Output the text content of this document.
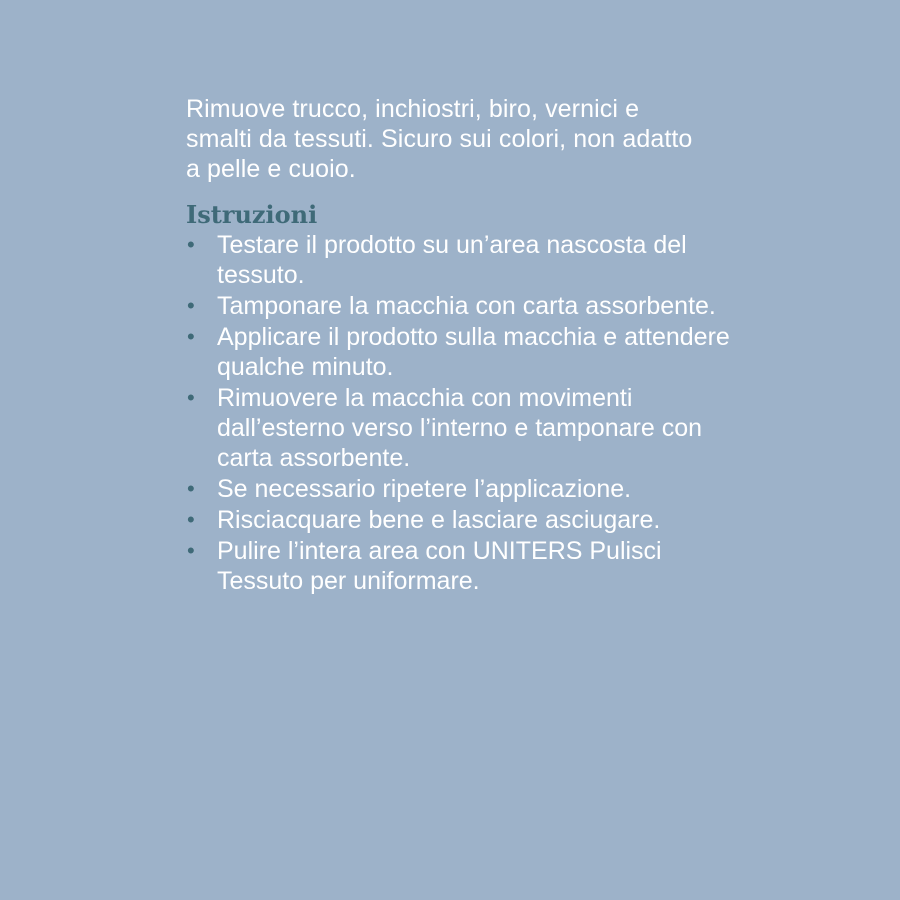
Rimuove trucco, inchiostri, biro, vernici e smalti da tessuti. Sicuro sui colori, non adatto a pelle e cuoio.

Istruzioni
• Testare il prodotto su un’area nascosta del tessuto.
• Tamponare la macchia con carta assorbente.
• Applicare il prodotto sulla macchia e attendere qualche minuto.
• Rimuovere la macchia con movimenti dall’esterno verso l’interno e tamponare con carta assorbente.
• Se necessario ripetere l’applicazione.
• Risciacquare bene e lasciare asciugare.
• Pulire l’intera area con UNITERS Pulisci Tessuto per uniformare.
